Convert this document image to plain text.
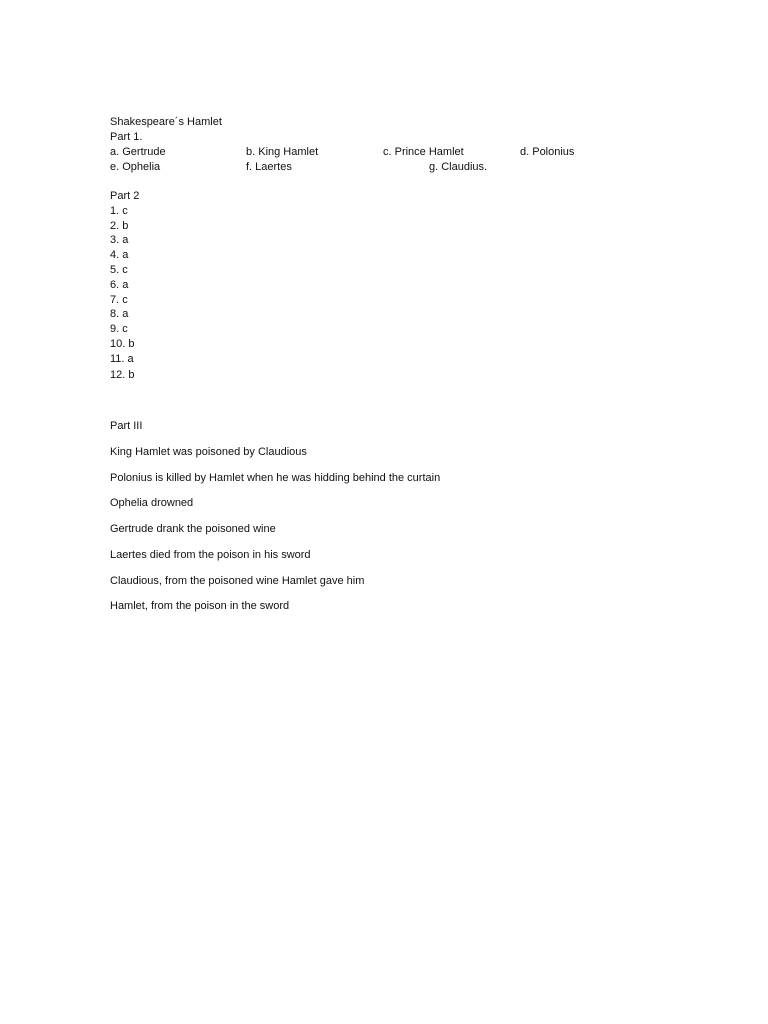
Shakespeare´s Hamlet
Part 1.
a. Gertrude	b. King Hamlet	c. Prince Hamlet	d. Polonius
e. Ophelia	f. Laertes	g. Claudius.
Part 2
1. c
2. b
3. a
4. a
5. c
6. a
7. c
8. a
9. c
10. b
11. a
12. b
Part III
King Hamlet was poisoned by Claudious
Polonius is killed by Hamlet when he was hidding behind the curtain
Ophelia drowned
Gertrude drank the poisoned wine
Laertes died from the poison in his sword
Claudious, from the poisoned wine Hamlet gave him
Hamlet, from the poison in the sword
